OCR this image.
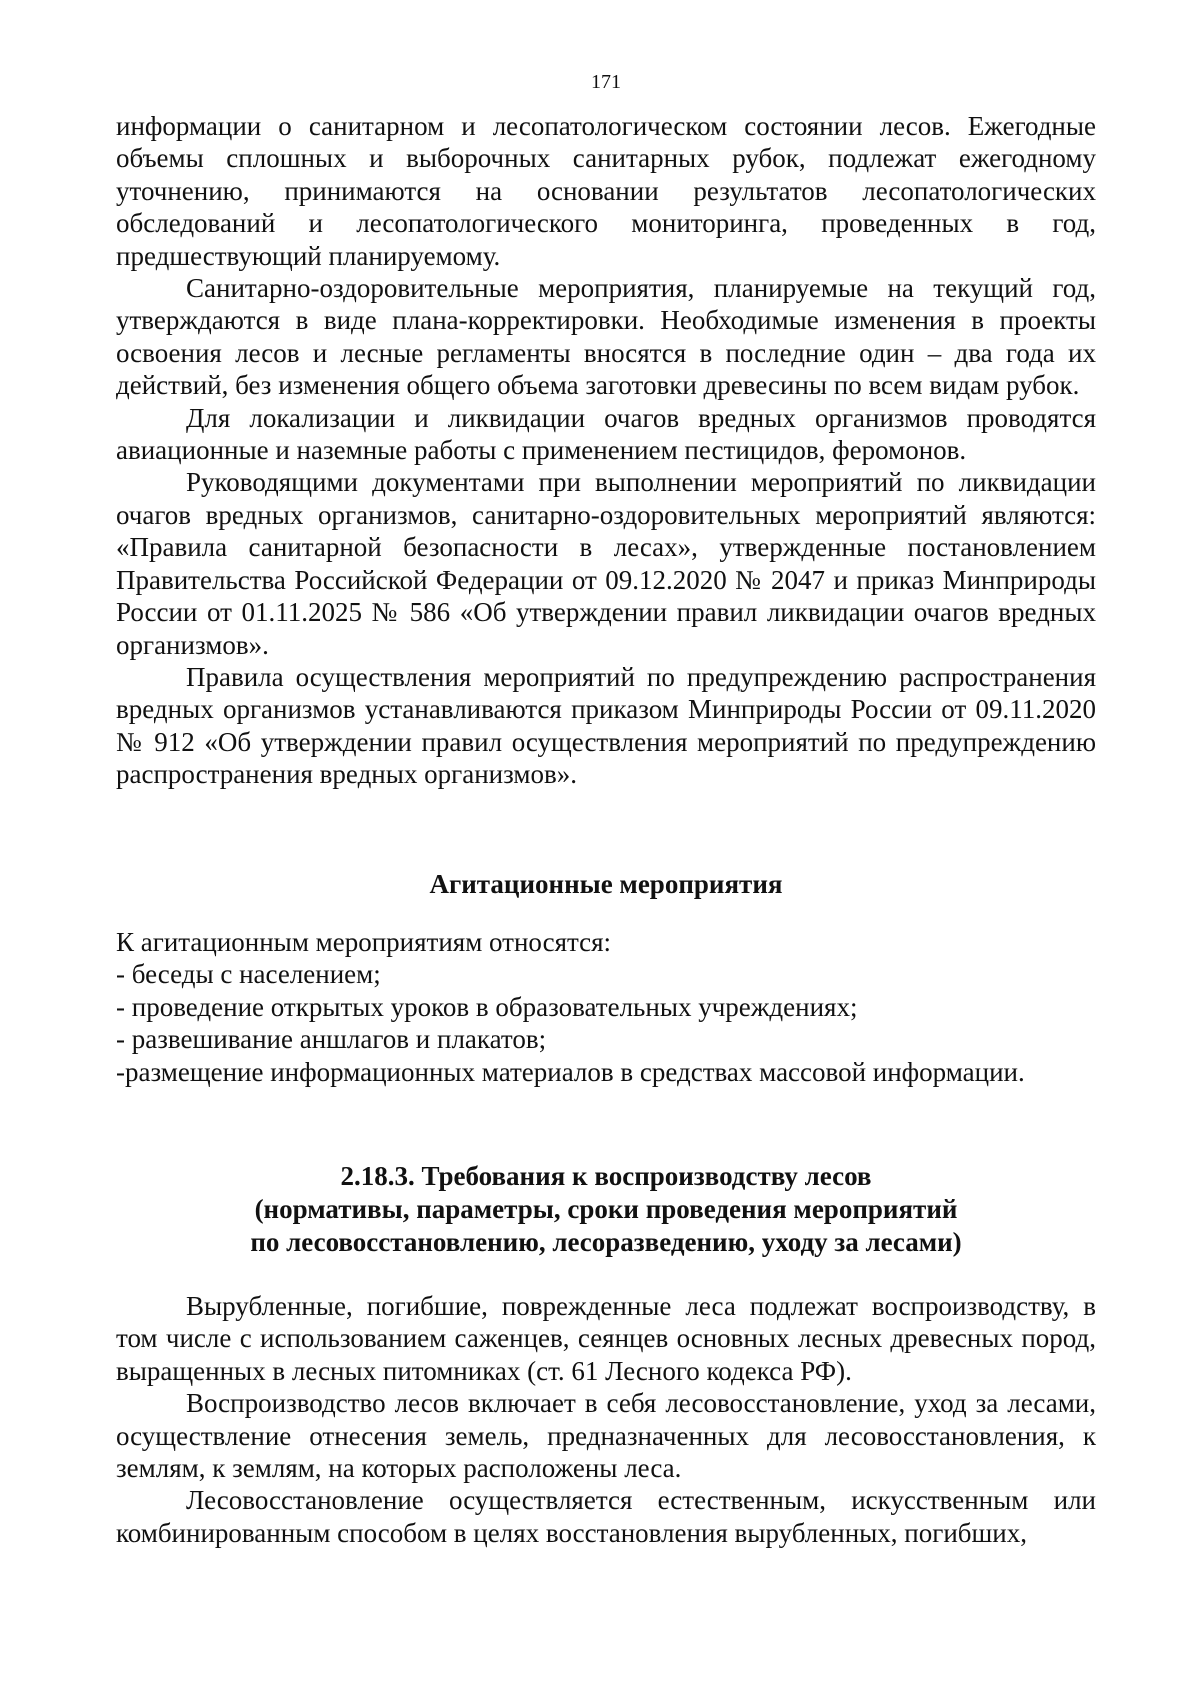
171

информации о санитарном и лесопатологическом состоянии лесов. Ежегодные объемы сплошных и выборочных санитарных рубок, подлежат ежегодному уточнению, принимаются на основании результатов лесопатологических обследований и лесопатологического мониторинга, проведенных в год, предшествующий планируемому.

Санитарно-оздоровительные мероприятия, планируемые на текущий год, утверждаются в виде плана-корректировки. Необходимые изменения в проекты освоения лесов и лесные регламенты вносятся в последние один – два года их действий, без изменения общего объема заготовки древесины по всем видам рубок.

Для локализации и ликвидации очагов вредных организмов проводятся авиационные и наземные работы с применением пестицидов, феромонов.

Руководящими документами при выполнении мероприятий по ликвидации очагов вредных организмов, санитарно-оздоровительных мероприятий являются: «Правила санитарной безопасности в лесах», утвержденные постановлением Правительства Российской Федерации от 09.12.2020 № 2047 и приказ Минприроды России от 01.11.2025 № 586 «Об утверждении правил ликвидации очагов вредных организмов».

Правила осуществления мероприятий по предупреждению распространения вредных организмов устанавливаются приказом Минприроды России от 09.11.2020 № 912 «Об утверждении правил осуществления мероприятий по предупреждению распространения вредных организмов».

Агитационные мероприятия

К агитационным мероприятиям относятся:

- беседы с населением;

- проведение открытых уроков в образовательных учреждениях;

- развешивание аншлагов и плакатов;

-размещение информационных материалов в средствах массовой информации.

2.18.3. Требования к воспроизводству лесов
(нормативы, параметры, сроки проведения мероприятий
по лесовосстановлению, лесоразведению, уходу за лесами)

Вырубленные, погибшие, поврежденные леса подлежат воспроизводству, в том числе с использованием саженцев, сеянцев основных лесных древесных пород, выращенных в лесных питомниках (ст. 61 Лесного кодекса РФ).

Воспроизводство лесов включает в себя лесовосстановление, уход за лесами, осуществление отнесения земель, предназначенных для лесовосстановления, к землям, к землям, на которых расположены леса.

Лесовосстановление осуществляется естественным, искусственным или комбинированным способом в целях восстановления вырубленных, погибших,
